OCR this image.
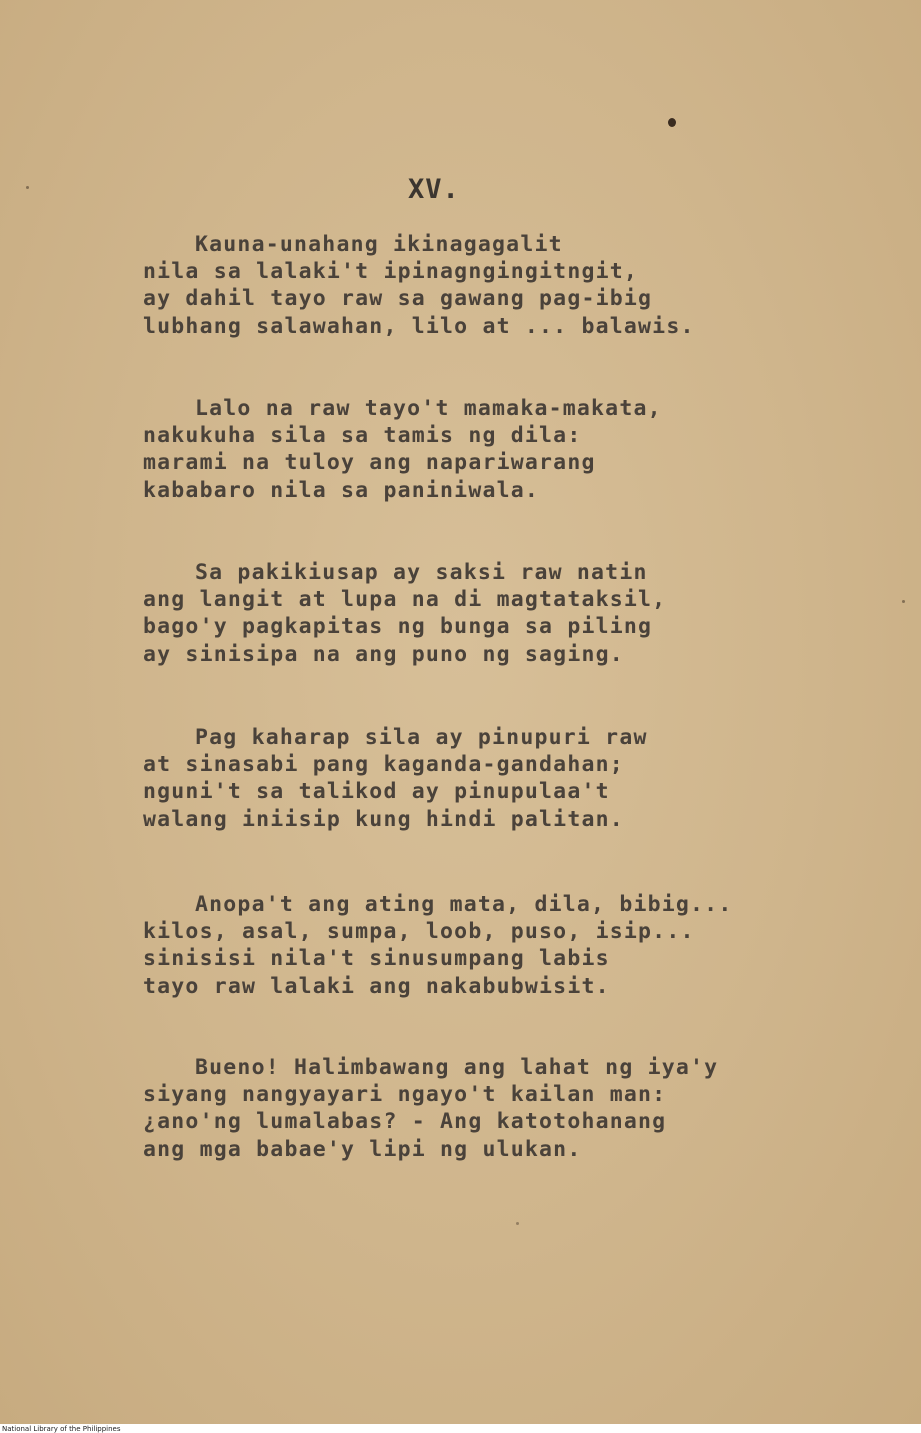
XV.
Kauna-unahang ikinagagalit
nila sa lalaki't ipinagngingitngit,
ay dahil tayo raw sa gawang pag-ibig
lubhang salawahan, lilo at ... balawis.
Lalo na raw tayo't mamaka-makata,
nakukuha sila sa tamis ng dila:
marami na tuloy ang napariwarang
kababaro nila sa paniniwala.
Sa pakikiusap ay saksi raw natin
ang langit at lupa na di magtataksil,
bago'y pagkapitas ng bunga sa piling
ay sinisipa na ang puno ng saging.
Pag kaharap sila ay pinupuri raw
at sinasabi pang kaganda-gandahan;
nguni't sa talikod ay pinupulaa't
walang iniisip kung hindi palitan.
Anopa't ang ating mata, dila, bibig...
kilos, asal, sumpa, loob, puso, isip...
sinisisi nila't sinusumpang labis
tayo raw lalaki ang nakabubwisit.
Bueno! Halimbawang ang lahat ng iya'y
siyang nangyayari ngayo't kailan man:
¿ano'ng lumalabas? - Ang katotohanang
ang mga babae'y lipi ng ulukan.
National Library of the Philippines
